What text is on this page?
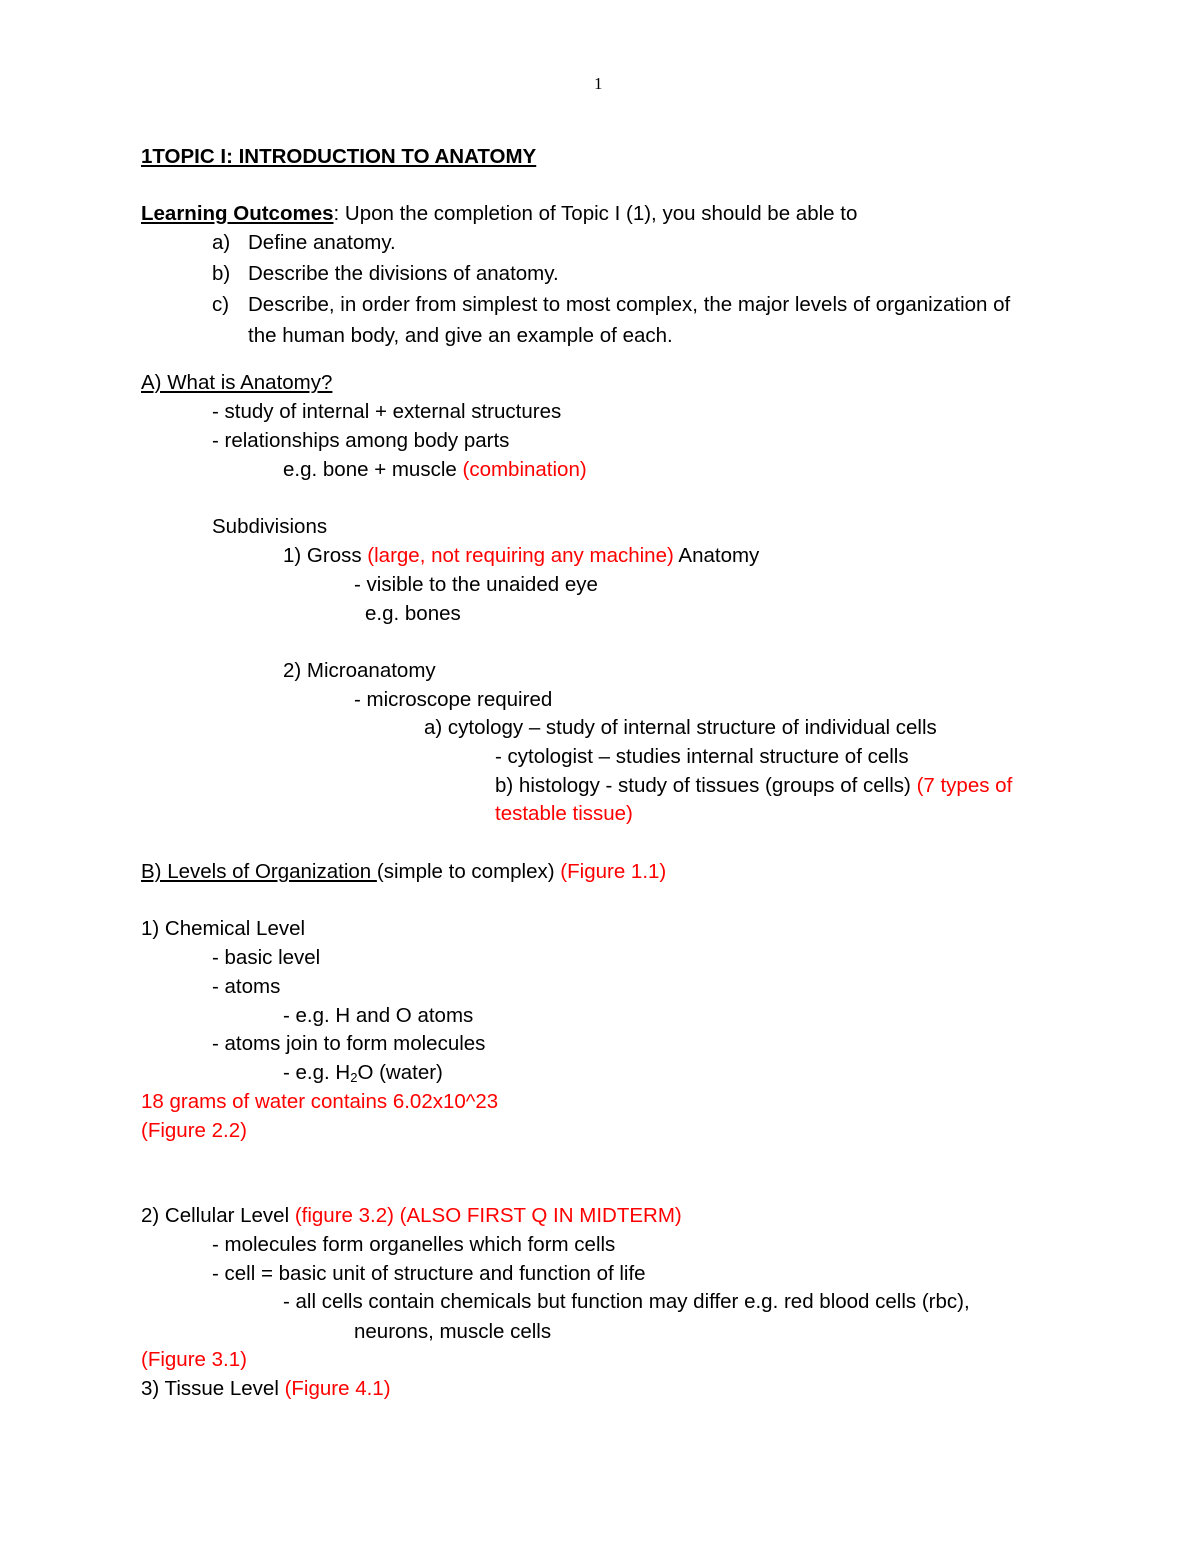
1
1TOPIC I: INTRODUCTION TO ANATOMY
Learning Outcomes: Upon the completion of Topic I (1), you should be able to
a) Define anatomy.
b) Describe the divisions of anatomy.
c) Describe, in order from simplest to most complex, the major levels of organization of
the human body, and give an example of each.
A) What is Anatomy?
- study of internal + external structures
- relationships among body parts
e.g. bone + muscle (combination)
Subdivisions
1) Gross (large, not requiring any machine) Anatomy
- visible to the unaided eye
e.g. bones
2) Microanatomy
- microscope required
a) cytology – study of internal structure of individual cells
- cytologist – studies internal structure of cells
b) histology - study of tissues (groups of cells) (7 types of
testable tissue)
B) Levels of Organization (simple to complex) (Figure 1.1)
1) Chemical Level
- basic level
- atoms
- e.g. H and O atoms
- atoms join to form molecules
- e.g. $H_2O$ (water)
18 grams of water contains 6.02x10^23
(Figure 2.2)
2) Cellular Level (figure 3.2) (ALSO FIRST Q IN MIDTERM)
- molecules form organelles which form cells
- cell = basic unit of structure and function of life
- all cells contain chemicals but function may differ e.g. red blood cells (rbc),
neurons, muscle cells
(Figure 3.1)
3) Tissue Level (Figure 4.1)
